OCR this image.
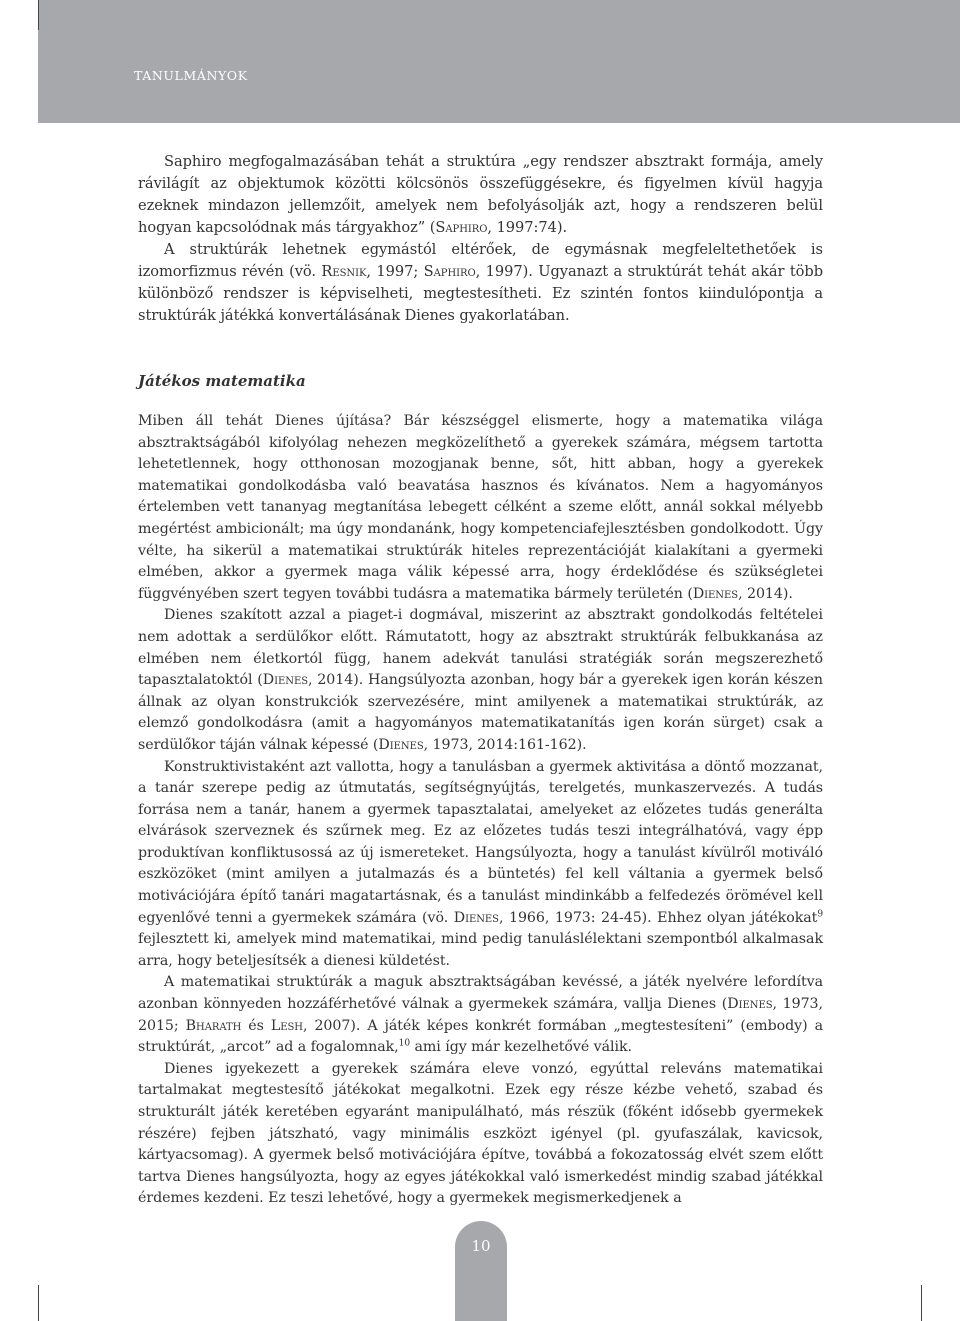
TANULMÁNYOK

Saphiro megfogalmazásában tehát a struktúra „egy rendszer absztrakt formája, amely rávilágít az objektumok közötti kölcsönös összefüggésekre, és figyelmen kívül hagyja ezeknek mindazon jellemzőit, amelyek nem befolyásolják azt, hogy a rendszeren belül hogyan kapcsolódnak más tárgyakhoz” (Saphiro, 1997:74).

A struktúrák lehetnek egymástól eltérőek, de egymásnak megfeleltethetőek is izomorfizmus révén (vö. Resnik, 1997; Saphiro, 1997). Ugyanazt a struktúrát tehát akár több különböző rendszer is képviselheti, megtestesítheti. Ez szintén fontos kiindulópontja a struktúrák játékká konvertálásának Dienes gyakorlatában.

Játékos matematika

Miben áll tehát Dienes újítása? Bár készséggel elismerte, hogy a matematika világa absztraktságából kifolyólag nehezen megközelíthető a gyerekek számára, mégsem tartotta lehetetlennek, hogy otthonosan mozogjanak benne, sőt, hitt abban, hogy a gyerekek matematikai gondolkodásba való beavatása hasznos és kívánatos. Nem a hagyományos értelemben vett tananyag megtanítása lebegett célként a szeme előtt, annál sokkal mélyebb megértést ambicionált; ma úgy mondanánk, hogy kompetenciafejlesztésben gondolkodott. Úgy vélte, ha sikerül a matematikai struktúrák hiteles reprezentációját kialakítani a gyermeki elmében, akkor a gyermek maga válik képessé arra, hogy érdeklődése és szükségletei függvényében szert tegyen további tudásra a matematika bármely területén (Dienes, 2014).

Dienes szakított azzal a piaget-i dogmával, miszerint az absztrakt gondolkodás feltételei nem adottak a serdülőkor előtt. Rámutatott, hogy az absztrakt struktúrák felbukkanása az elmében nem életkortól függ, hanem adekvát tanulási stratégiák során megszerezhető tapasztalatoktól (Dienes, 2014). Hangsúlyozta azonban, hogy bár a gyerekek igen korán készen állnak az olyan konstrukciók szervezésére, mint amilyenek a matematikai struktúrák, az elemző gondolkodásra (amit a hagyományos matematikatanítás igen korán sürget) csak a serdülőkor táján válnak képessé (Dienes, 1973, 2014:161-162).

Konstruktivistaként azt vallotta, hogy a tanulásban a gyermek aktivitása a döntő mozzanat, a tanár szerepe pedig az útmutatás, segítségnyújtás, terelgetés, munkaszervezés. A tudás forrása nem a tanár, hanem a gyermek tapasztalatai, amelyeket az előzetes tudás generálta elvárások szerveznek és szűrnek meg. Ez az előzetes tudás teszi integrálhatóvá, vagy épp produktívan konfliktusossá az új ismereteket. Hangsúlyozta, hogy a tanulást kívülről motiváló eszközöket (mint amilyen a jutalmazás és a büntetés) fel kell váltania a gyermek belső motivációjára építő tanári magatartásnak, és a tanulást mindinkább a felfedezés örömével kell egyenlővé tenni a gyermekek számára (vö. Dienes, 1966, 1973: 24-45). Ehhez olyan játékokat$^9$ fejlesztett ki, amelyek mind matematikai, mind pedig tanuláslélektani szempontból alkalmasak arra, hogy beteljesítsék a dienesi küldetést.

A matematikai struktúrák a maguk absztraktságában kevéssé, a játék nyelvére lefordítva azonban könnyeden hozzáférhetővé válnak a gyermekek számára, vallja Dienes (Dienes, 1973, 2015; Bharath és Lesh, 2007). A játék képes konkrét formában „megtestesíteni” (embody) a struktúrát, „arcot” ad a fogalomnak,$^{10}$ ami így már kezelhetővé válik.

Dienes igyekezett a gyerekek számára eleve vonzó, egyúttal releváns matematikai tartalmakat megtestesítő játékokat megalkotni. Ezek egy része kézbe vehető, szabad és strukturált játék keretében egyaránt manipulálható, más részük (főként idősebb gyermekek részére) fejben játszható, vagy minimális eszközt igényel (pl. gyufaszálak, kavicsok, kártyacsomag). A gyermek belső motivációjára építve, továbbá a fokozatosság elvét szem előtt tartva Dienes hangsúlyozta, hogy az egyes játékokkal való ismerkedést mindig szabad játékkal érdemes kezdeni. Ez teszi lehetővé, hogy a gyermekek megismerkedjenek a

10
